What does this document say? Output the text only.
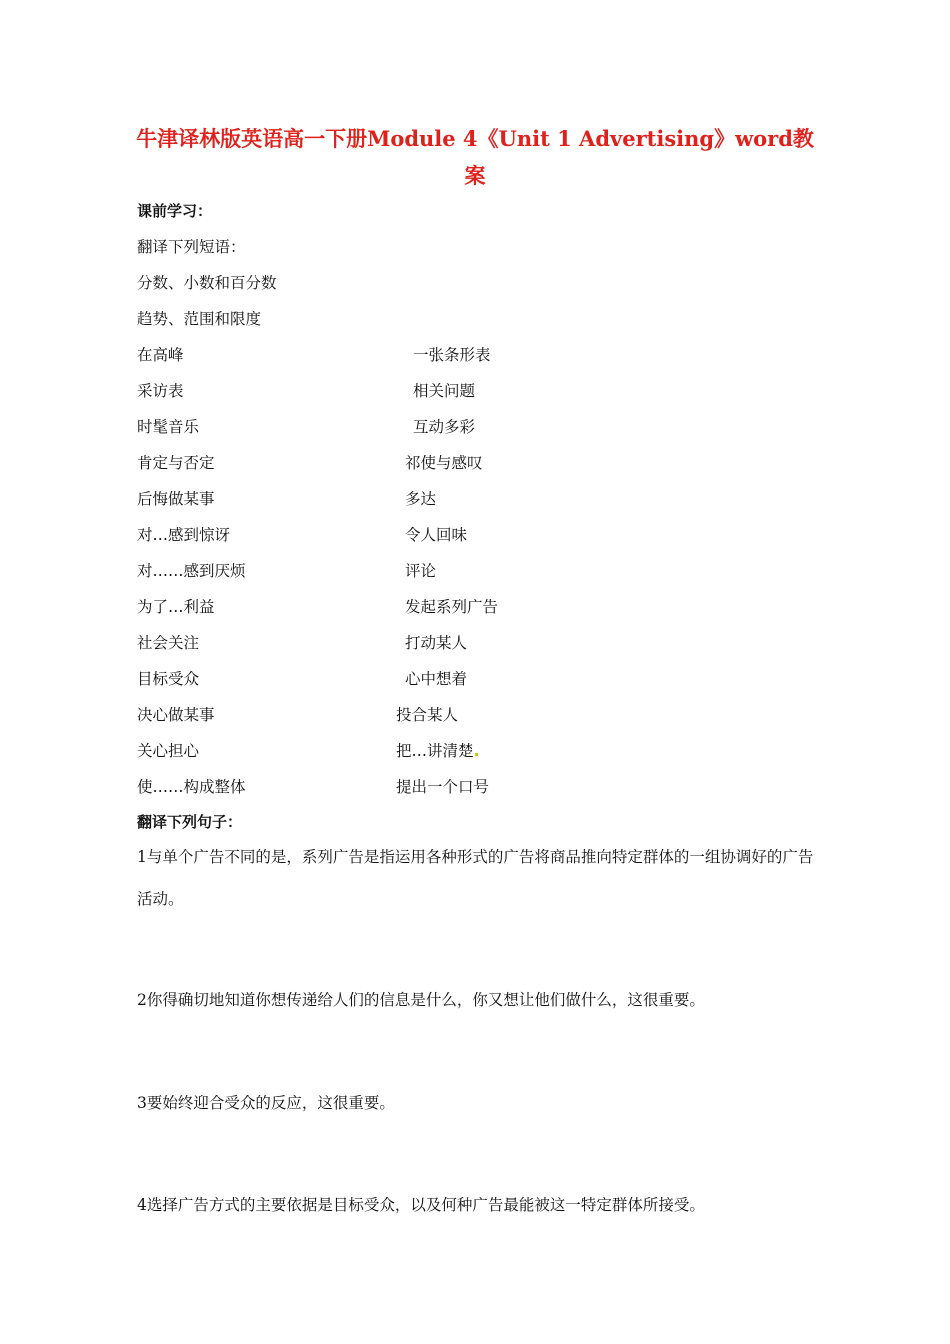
牛津译林版英语高一下册Module 4《Unit 1 Advertising》word教案
课前学习：
翻译下列短语：
分数、小数和百分数
趋势、范围和限度
在高峰	一张条形表
采访表	相关问题
时髦音乐	互动多彩
肯定与否定	祁使与感叹
后悔做某事	多达
对…感到惊讶	令人回味
对……感到厌烦	评论
为了…利益	发起系列广告
社会关注	打动某人
目标受众	心中想着
决心做某事	投合某人
关心担心	把…讲清楚
使……构成整体	提出一个口号
翻译下列句子：
1与单个广告不同的是，系列广告是指运用各种形式的广告将商品推向特定群体的一组协调好的广告活动。
2你得确切地知道你想传递给人们的信息是什么，你又想让他们做什么，这很重要。
3要始终迎合受众的反应，这很重要。
4选择广告方式的主要依据是目标受众，以及何种广告最能被这一特定群体所接受。
